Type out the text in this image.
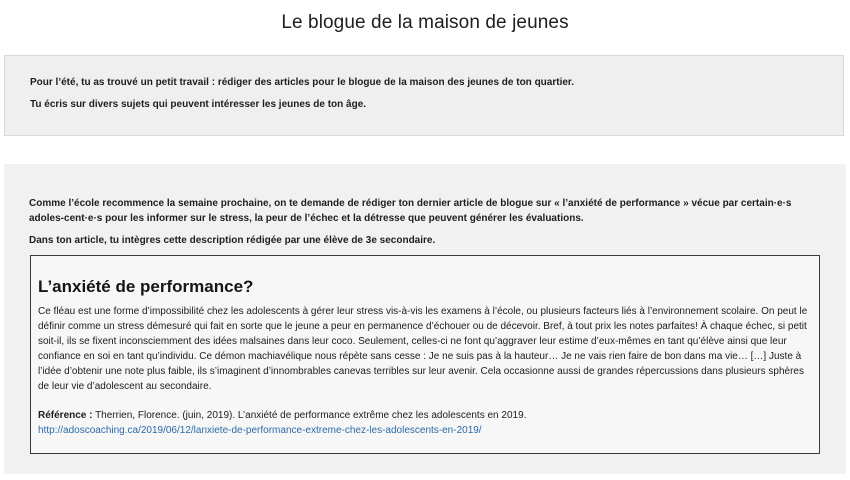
Le blogue de la maison de jeunes

Pour l’été, tu as trouvé un petit travail : rédiger des articles pour le blogue de la maison des jeunes de ton quartier.

Tu écris sur divers sujets qui peuvent intéresser les jeunes de ton âge.

Comme l’école recommence la semaine prochaine, on te demande de rédiger ton dernier article de blogue sur « l’anxiété de performance » vécue par certain·e·s adoles-cent·e·s pour les informer sur le stress, la peur de l’échec et la détresse que peuvent générer les évaluations.

Dans ton article, tu intègres cette description rédigée par une élève de 3e secondaire.

L’anxiété de performance?

Ce fléau est une forme d’impossibilité chez les adolescents à gérer leur stress vis-à-vis les examens à l’école, ou plusieurs facteurs liés à l’environnement scolaire. On peut le définir comme un stress démesuré qui fait en sorte que le jeune a peur en permanence d’échouer ou de décevoir. Bref, à tout prix les notes parfaites! À chaque échec, si petit soit-il, ils se fixent inconsciemment des idées malsaines dans leur coco. Seulement, celles-ci ne font qu’aggraver leur estime d’eux-mêmes en tant qu’élève ainsi que leur confiance en soi en tant qu’individu. Ce démon machiavélique nous répète sans cesse : Je ne suis pas à la hauteur… Je ne vais rien faire de bon dans ma vie… […] Juste à l’idée d’obtenir une note plus faible, ils s’imaginent d’innombrables canevas terribles sur leur avenir. Cela occasionne aussi de grandes répercussions dans plusieurs sphères de leur vie d’adolescent au secondaire.

Référence : Therrien, Florence. (juin, 2019). L’anxiété de performance extrême chez les adolescents en 2019.
http://adoscoaching.ca/2019/06/12/lanxiete-de-performance-extreme-chez-les-adolescents-en-2019/
